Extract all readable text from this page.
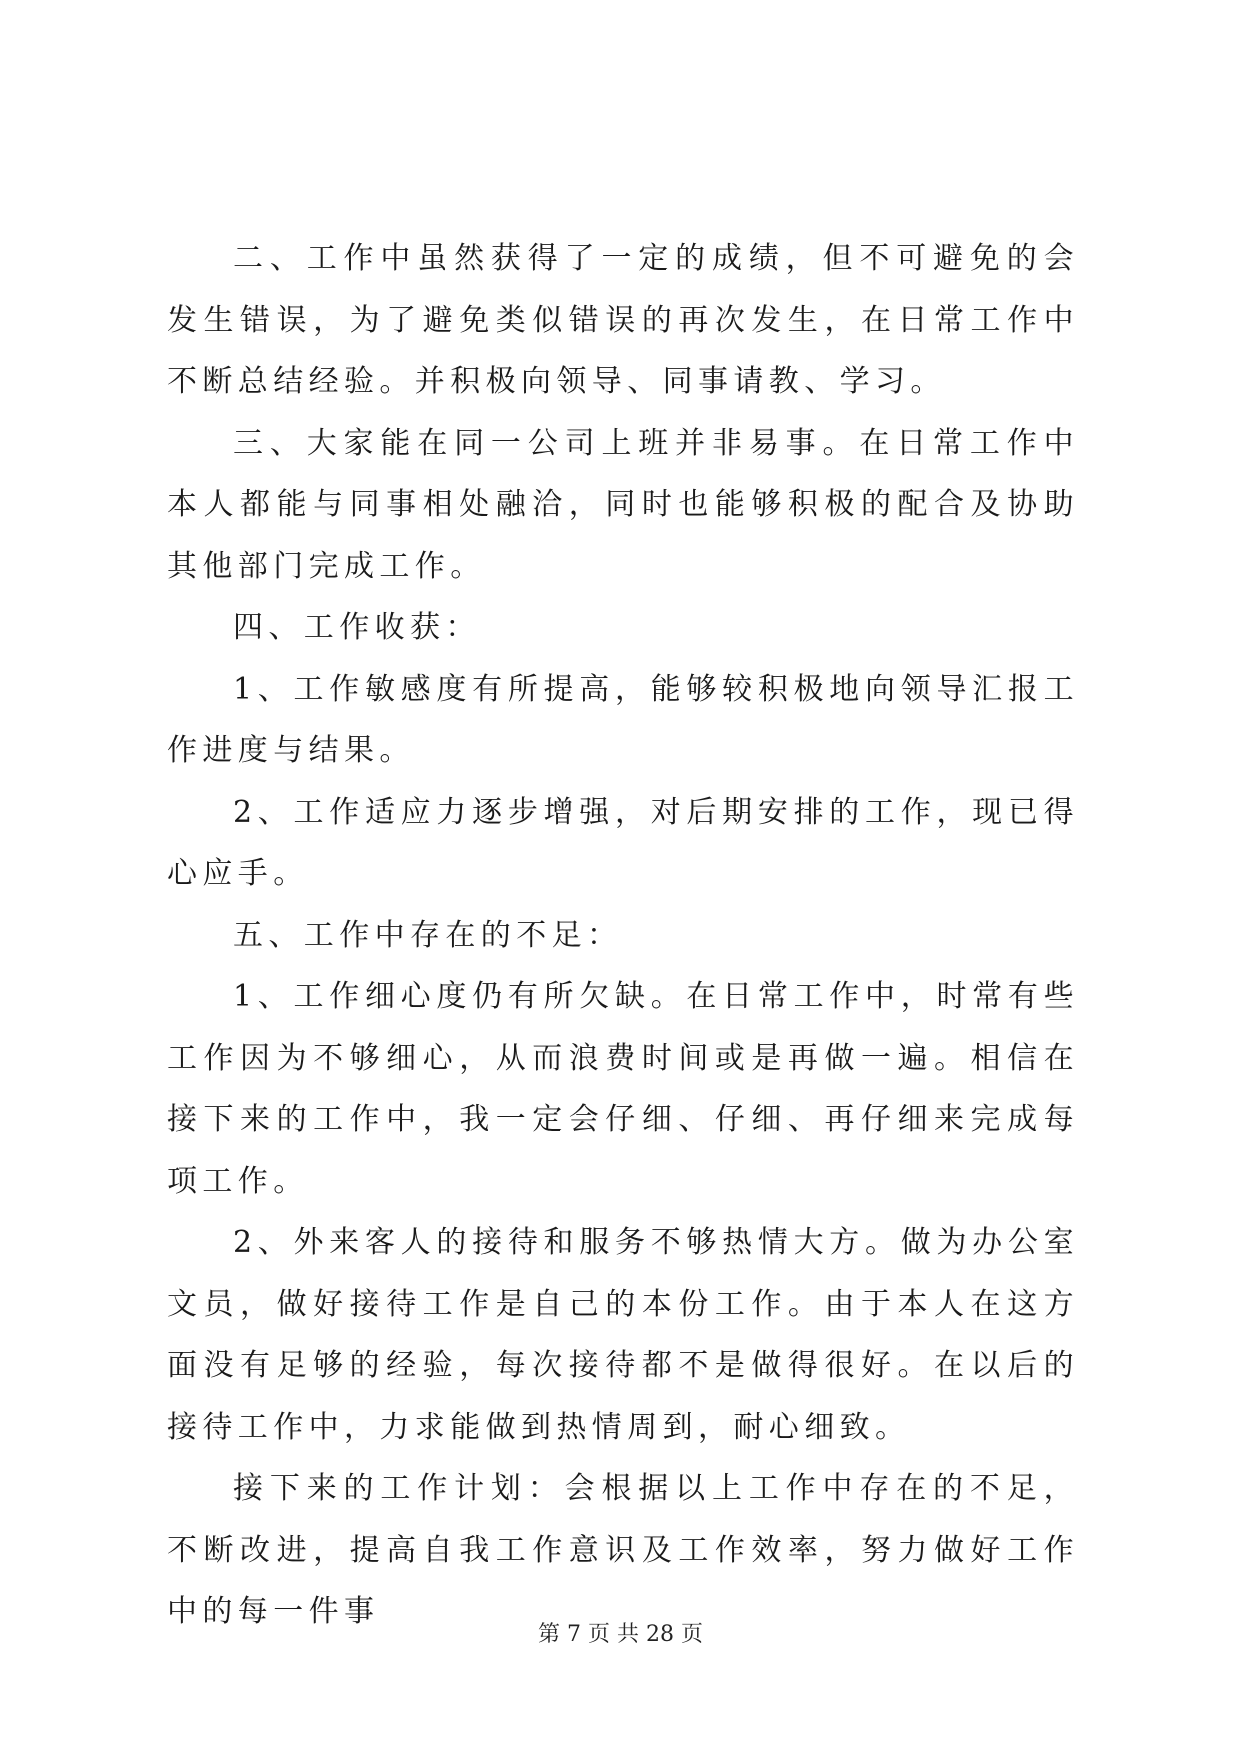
二、工作中虽然获得了一定的成绩，但不可避免的会发生错误，为了避免类似错误的再次发生，在日常工作中不断总结经验。并积极向领导、同事请教、学习。

三、大家能在同一公司上班并非易事。在日常工作中本人都能与同事相处融洽，同时也能够积极的配合及协助其他部门完成工作。

四、工作收获：

1、工作敏感度有所提高，能够较积极地向领导汇报工作进度与结果。

2、工作适应力逐步增强，对后期安排的工作，现已得心应手。

五、工作中存在的不足：

1、工作细心度仍有所欠缺。在日常工作中，时常有些工作因为不够细心，从而浪费时间或是再做一遍。相信在接下来的工作中，我一定会仔细、仔细、再仔细来完成每项工作。

2、外来客人的接待和服务不够热情大方。做为办公室文员，做好接待工作是自己的本份工作。由于本人在这方面没有足够的经验，每次接待都不是做得很好。在以后的接待工作中，力求能做到热情周到，耐心细致。

接下来的工作计划：会根据以上工作中存在的不足，不断改进，提高自我工作意识及工作效率，努力做好工作中的每一件事

第 7 页 共 28 页
